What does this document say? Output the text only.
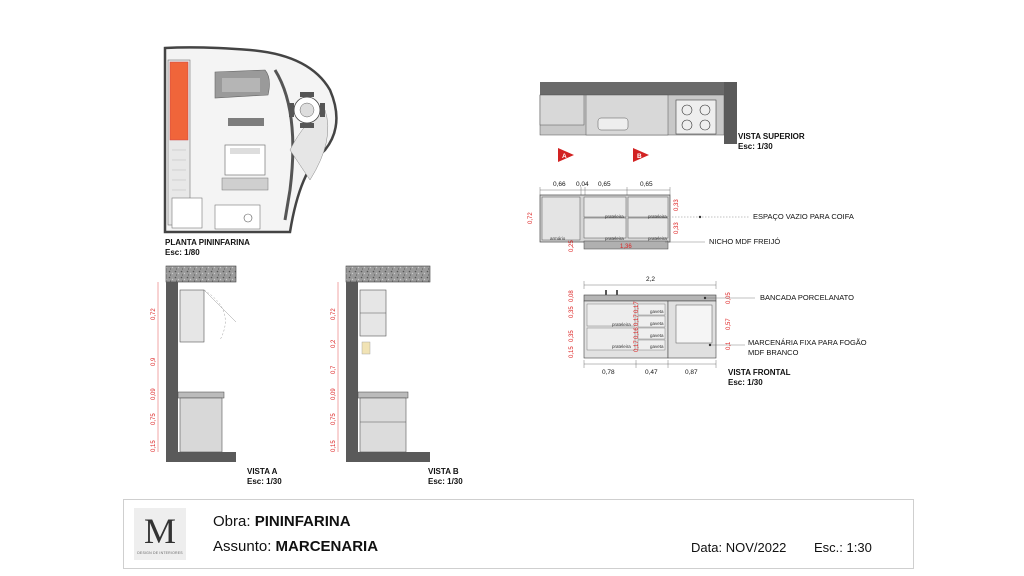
PLANTA PININFARINA
Esc: 1/80
A	B
VISTA SUPERIOR
Esc: 1/30
0,66 0,04 0,65	0,65
prateleira	prateleira
prateleira	prateleira
armário
1,36
0,72
0,25
0,33
0,33
ESPAÇO VAZIO PARA COIFA
NICHO MDF FREIJÓ
2,2
prateleira
prateleira
gaveta
gaveta
gaveta
gaveta
0,35
0,08
0,35
0,15
0,17
0,17
0,16
0,17
0,05
0,57
0,1
0,78	0,47	0,87
BANCADA PORCELANATO
MARCENÁRIA FIXA PARA FOGÃO
MDF BRANCO
VISTA FRONTAL
Esc: 1/30
0,72
0,9
0,09
0,75
0,15
VISTA A
Esc: 1/30
0,72
0,2
0,7
0,09
0,75
0,15
VISTA B
Esc: 1/30
M
DESIGN DE INTERIORES
Obra: PININFARINA
Assunto: MARCENARIA	Data: NOV/2022 Esc.: 1:30
